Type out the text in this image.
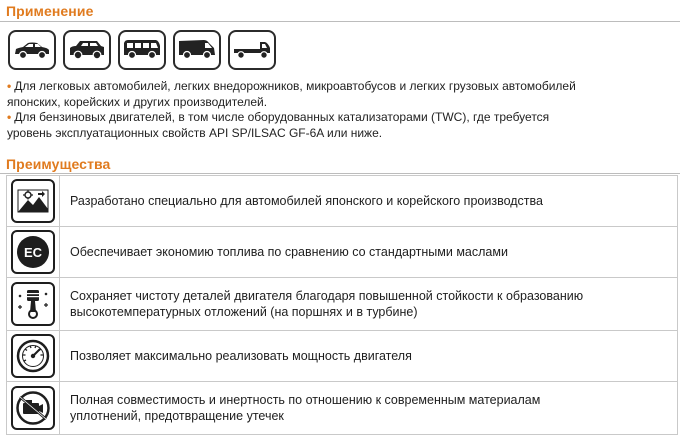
Применение
• Для легковых автомобилей, легких внедорожников, микроавтобусов и легких грузовых автомобилей
японских, корейских и других производителей.
• Для бензиновых двигателей, в том числе оборудованных катализаторами (TWC), где требуется
уровень эксплуатационных свойств API SP/ILSAC GF-6A или ниже.
Преимущества

Разработано специально для автомобилей японского и корейского производства

EC	Обеспечивает экономию топлива по сравнению со стандартными маслами

Сохраняет чистоту деталей двигателя благодаря повышенной стойкости к образованию
высокотемпературных отложений (на поршнях и в турбине)

Позволяет максимально реализовать мощность двигателя

Полная совместимость и инертность по отношению к современным материалам
уплотнений, предотвращение утечек
